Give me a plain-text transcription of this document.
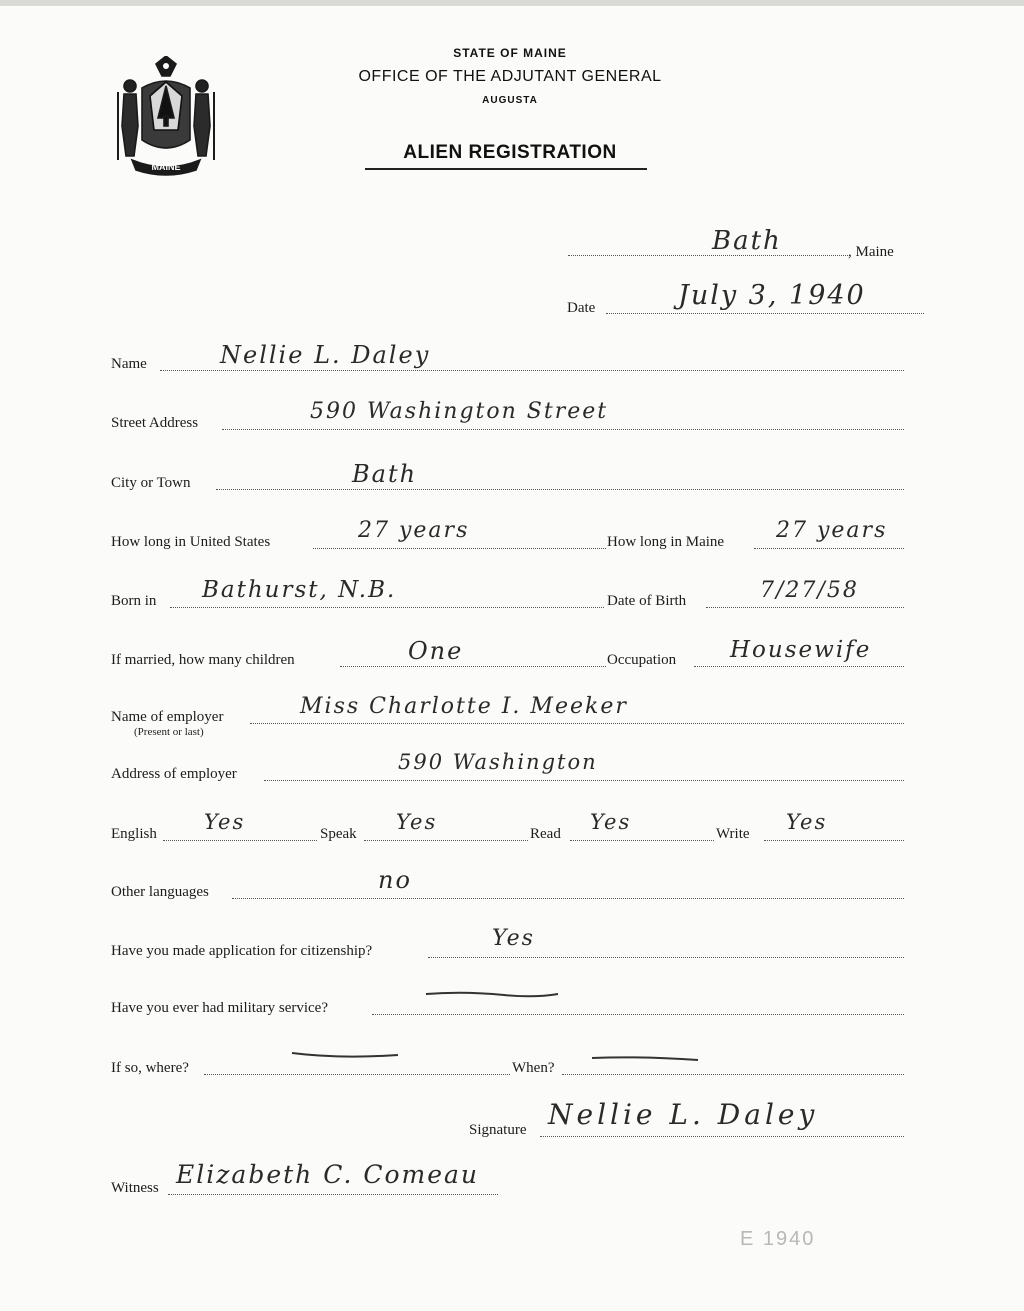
MAINE
STATE OF MAINE
OFFICE OF THE ADJUTANT GENERAL
AUGUSTA
ALIEN REGISTRATION
Bath	, Maine
Date	July 3, 1940
Name	Nellie L. Daley
Street Address	590 Washington Street
City or Town	Bath
How long in United States	27 years	How long in Maine 27 years
Born in Bathurst, N.B.	Date of Birth	7/27/58
If married, how many children	One	Occupation Housewife
Name of employer
(Present or last)
Miss Charlotte I. Meeker
Address of employer	590 Washington
English Yes	Speak Yes	Read Yes	Write Yes
Other languages	no
Have you made application for citizenship?	Yes
Have you ever had military service?
If so, where?	When?
Signature Nellie L. Daley
Witness Elizabeth C. Comeau
E 1940
